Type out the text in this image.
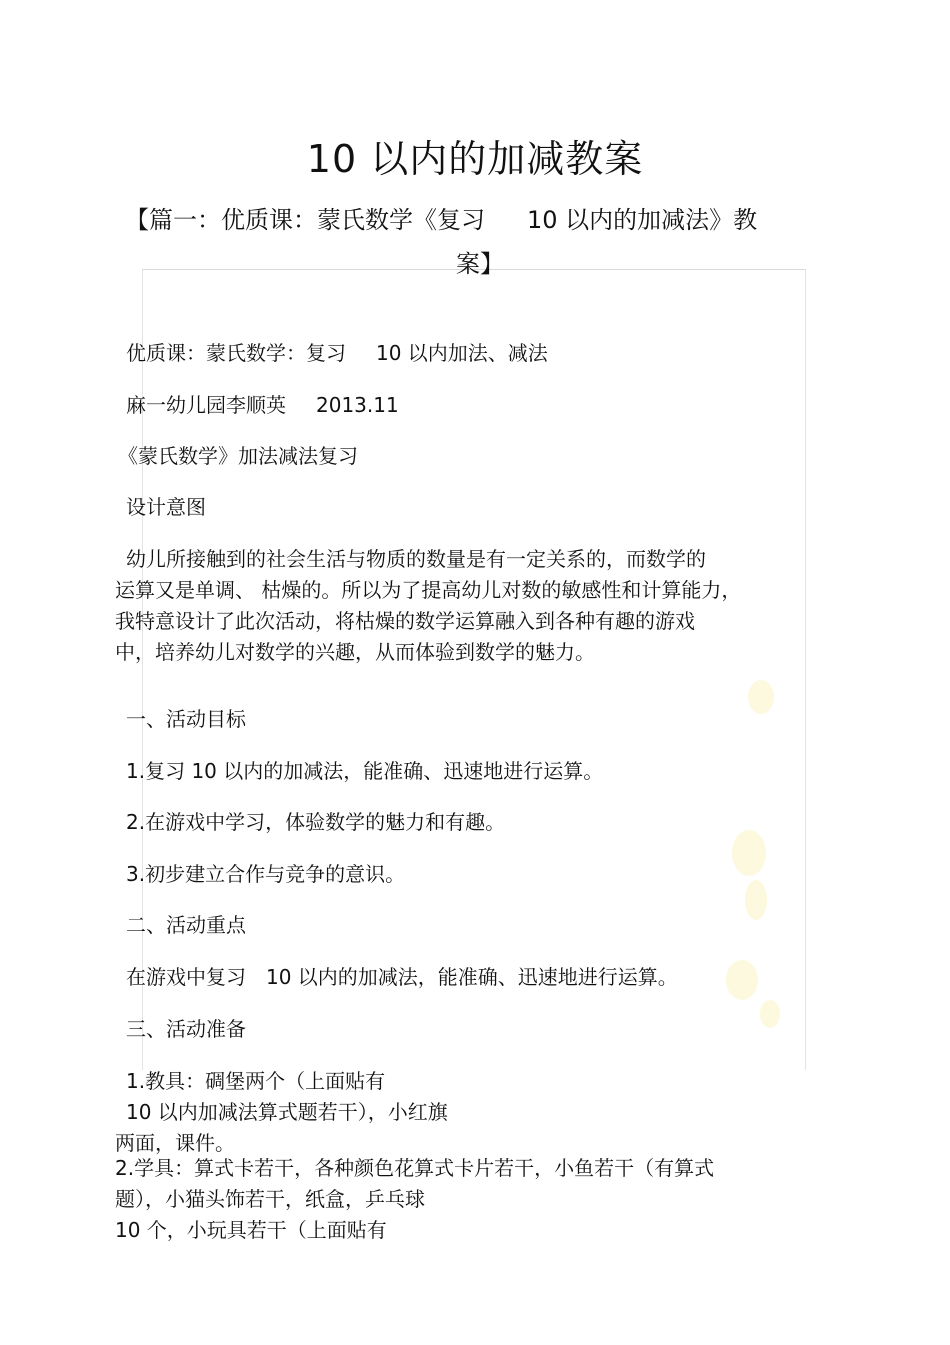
10 以内的加减教案
【篇一：优质课：蒙氏数学《复习 10 以内的加减法》教
案】
优质课：蒙氏数学：复习 10 以内加法、减法
麻一幼儿园李顺英 2013.11
《蒙氏数学》加法减法复习
设计意图
幼儿所接触到的社会生活与物质的数量是有一定关系的，而数学的
运算又是单调、 枯燥的。所以为了提高幼儿对数的敏感性和计算能力，
我特意设计了此次活动，将枯燥的数学运算融入到各种有趣的游戏
中，培养幼儿对数学的兴趣，从而体验到数学的魅力。
一、活动目标
1.复习 10 以内的加减法，能准确、迅速地进行运算。
2.在游戏中学习，体验数学的魅力和有趣。
3.初步建立合作与竞争的意识。
二、活动重点
在游戏中复习 10 以内的加减法，能准确、迅速地进行运算。
三、活动准备
1.教具：碉堡两个（上面贴有
10 以内加减法算式题若干），小红旗
两面，课件。
2.学具：算式卡若干，各种颜色花算式卡片若干，小鱼若干（有算式
题），小猫头饰若干，纸盒，乒乓球
10 个，小玩具若干（上面贴有
